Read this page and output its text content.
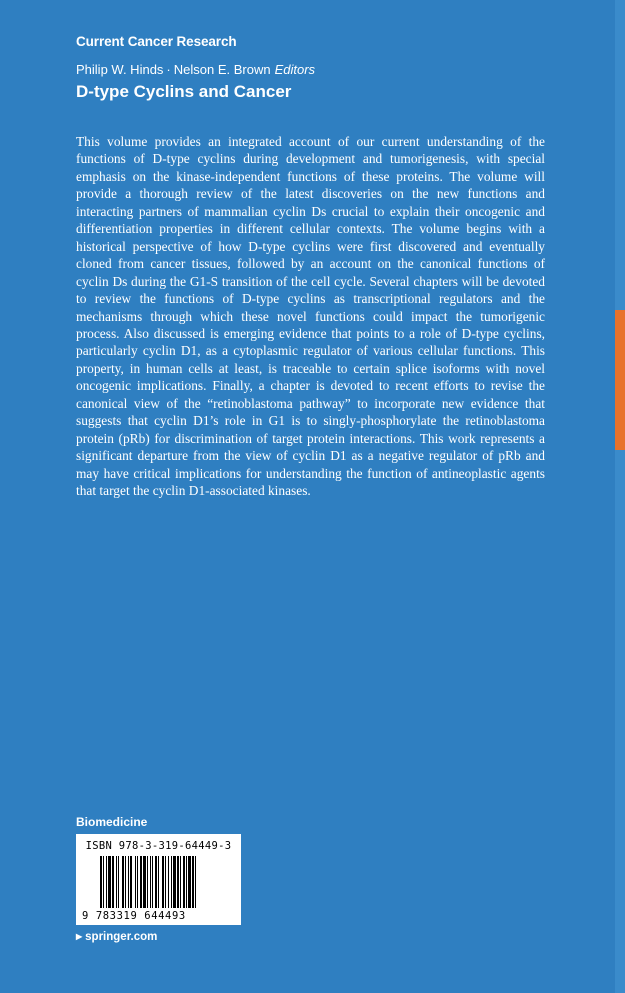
Current Cancer Research
Philip W. Hinds · Nelson E. Brown Editors
D-type Cyclins and Cancer

This volume provides an integrated account of our current understanding of the functions of D-type cyclins during development and tumorigenesis, with special emphasis on the kinase-independent functions of these proteins. The volume will provide a thorough review of the latest discoveries on the new functions and interacting partners of mammalian cyclin Ds crucial to explain their oncogenic and differentiation properties in different cellular contexts. The volume begins with a historical perspective of how D-type cyclins were first discovered and eventually cloned from cancer tissues, followed by an account on the canonical functions of cyclin Ds during the G1-S transition of the cell cycle. Several chapters will be devoted to review the functions of D-type cyclins as transcriptional regulators and the mechanisms through which these novel functions could impact the tumorigenic process. Also discussed is emerging evidence that points to a role of D-type cyclins, particularly cyclin D1, as a cytoplasmic regulator of various cellular functions. This property, in human cells at least, is traceable to certain splice isoforms with novel oncogenic implications. Finally, a chapter is devoted to recent efforts to revise the canonical view of the “retinoblastoma pathway” to incorporate new evidence that suggests that cyclin D1’s role in G1 is to singly-phosphorylate the retinoblastoma protein (pRb) for discrimination of target protein interactions. This work represents a significant departure from the view of cyclin D1 as a negative regulator of pRb and may have critical implications for understanding the function of antineoplastic agents that target the cyclin D1-associated kinases.

Biomedicine
ISBN 978-3-319-64449-3
9 783319 644493
▶ springer.com
